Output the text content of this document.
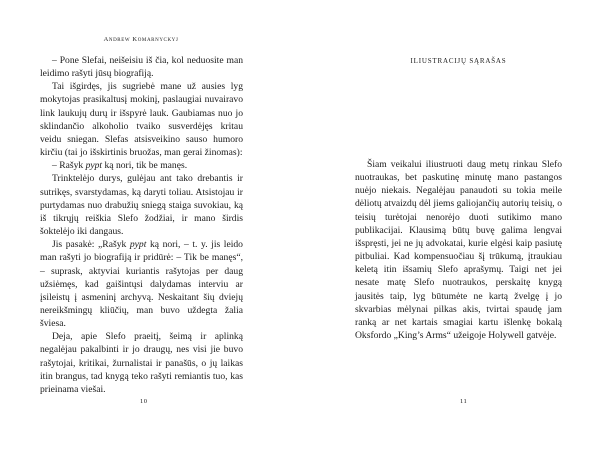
Andrew Komarnyckyj

– Pone Slefai, neišeisiu iš čia, kol neduosite man leidimo rašyti jūsų biografiją.

Tai išgirdęs, jis sugriebė mane už ausies lyg mokytojas prasikaltusį mokinį, paslaugiai nuvairavo link laukujų durų ir išspyrė lauk. Gaubiamas nuo jo sklindančio alkoholio tvaiko susverdėjęs kritau veidu sniegan. Slefas atsisveikino sauso humoro kirčiu (tai jo išskirtinis bruožas, man gerai žinomas):

– Rašyk pypt ką nori, tik be manęs.

Trinktelėjo durys, gulėjau ant tako drebantis ir sutrikęs, svarstydamas, ką daryti toliau. Atsistojau ir purtydamas nuo drabužių sniegą staiga suvokiau, ką iš tikrųjų reiškia Slefo žodžiai, ir mano širdis šoktelėjo iki dangaus.

Jis pasakė: „Rašyk pypt ką nori, – t. y. jis leido man rašyti jo biografiją ir pridūrė: – Tik be manęs“, – suprask, aktyviai kuriantis rašytojas per daug užsiėmęs, kad gaišintųsi dalydamas interviu ar įsileistų į asmeninį archyvą. Neskaitant šių dviejų nereikšmingų kliūčių, man buvo uždegta žalia šviesa.

Deja, apie Slefo praeitį, šeimą ir aplinką negalėjau pakalbinti ir jo draugų, nes visi jie buvo rašytojai, kritikai, žurnalistai ir panašūs, o jų laikas itin brangus, tad knygą teko rašyti remiantis tuo, kas prieinama viešai.

10
ILIUSTRACIJŲ SĄRAŠAS

Šiam veikalui iliustruoti daug metų rinkau Slefo nuotraukas, bet paskutinę minutę mano pastangos nuėjo niekais. Negalėjau panaudoti su tokia meile dėliotų atvaizdų dėl jiems galiojančių autorių teisių, o teisių turėtojai nenorėjo duoti sutikimo mano publikacijai. Klausimą būtų buvę galima lengvai išspręsti, jei ne jų advokatai, kurie elgėsi kaip pasiutę pitbuliai. Kad kompensuočiau šį trūkumą, įtraukiau keletą itin išsamių Slefo aprašymų. Taigi net jei nesate matę Slefo nuotraukos, perskaitę knygą jausitės taip, lyg būtumėte ne kartą žvelgę į jo skvarbias mėlynai pilkas akis, tvirtai spaudę jam ranką ar net kartais smagiai kartu išlenkę bokalą Oksfordo „King’s Arms“ užeigoje Holywell gatvėje.

11
